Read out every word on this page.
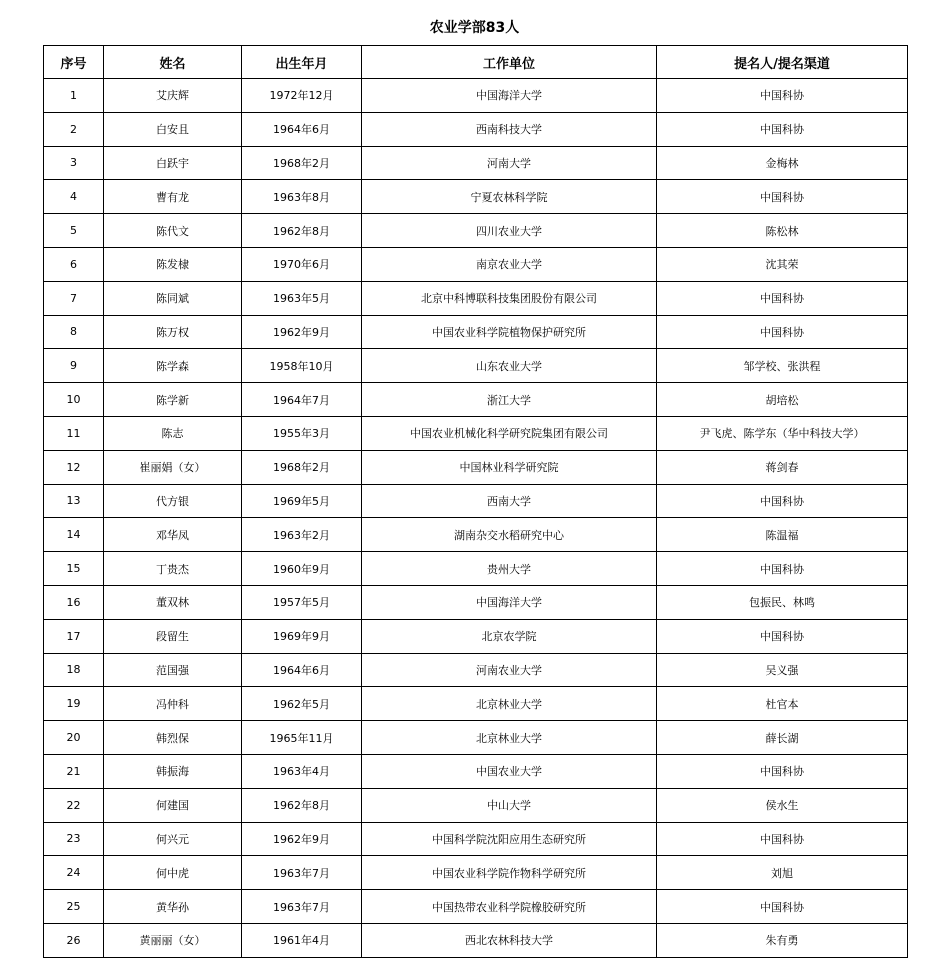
农业学部83人
序号	姓名	出生年月	工作单位	提名人/提名渠道
1	艾庆辉	1972年12月	中国海洋大学	中国科协
2	白安且	1964年6月	西南科技大学	中国科协
3	白跃宇	1968年2月	河南大学	金梅林
4	曹有龙	1963年8月	宁夏农林科学院	中国科协
5	陈代文	1962年8月	四川农业大学	陈松林
6	陈发棣	1970年6月	南京农业大学	沈其荣
7	陈同斌	1963年5月	北京中科博联科技集团股份有限公司	中国科协
8	陈万权	1962年9月	中国农业科学院植物保护研究所	中国科协
9	陈学森	1958年10月	山东农业大学	邹学校、张洪程
10	陈学新	1964年7月	浙江大学	胡培松
11	陈志	1955年3月	中国农业机械化科学研究院集团有限公司	尹飞虎、陈学东（华中科技大学）
12	崔丽娟（女）	1968年2月	中国林业科学研究院	蒋剑春
13	代方银	1969年5月	西南大学	中国科协
14	邓华凤	1963年2月	湖南杂交水稻研究中心	陈温福
15	丁贵杰	1960年9月	贵州大学	中国科协
16	董双林	1957年5月	中国海洋大学	包振民、林鸣
17	段留生	1969年9月	北京农学院	中国科协
18	范国强	1964年6月	河南农业大学	吴义强
19	冯仲科	1962年5月	北京林业大学	杜官本
20	韩烈保	1965年11月	北京林业大学	薛长湖
21	韩振海	1963年4月	中国农业大学	中国科协
22	何建国	1962年8月	中山大学	侯水生
23	何兴元	1962年9月	中国科学院沈阳应用生态研究所	中国科协
24	何中虎	1963年7月	中国农业科学院作物科学研究所	刘旭
25	黄华孙	1963年7月	中国热带农业科学院橡胶研究所	中国科协
26	黄丽丽（女）	1961年4月	西北农林科技大学	朱有勇
